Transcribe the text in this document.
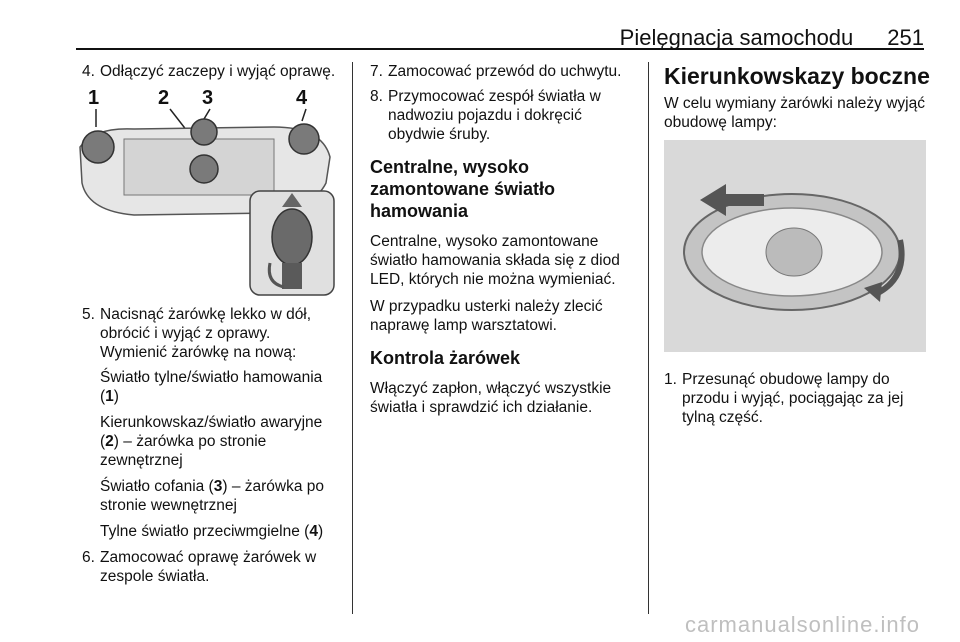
Pielęgnacja samochodu 251
4. Odłączyć zaczepy i wyjąć oprawę.
1	2 3	4
5. Nacisnąć żarówkę lekko w dół, obrócić i wyjąć z oprawy. Wymienić żarówkę na nową:
Światło tylne/światło hamowania (1)
Kierunkowskaz/światło awaryjne (2) – żarówka po stronie zewnętrznej
Światło cofania (3) – żarówka po stronie wewnętrznej
Tylne światło przeciwmgielne (4)
6. Zamocować oprawę żarówek w zespole światła.
7. Zamocować przewód do uchwytu.
8. Przymocować zespół światła w nadwoziu pojazdu i dokręcić obydwie śruby.
Centralne, wysoko zamontowane światło hamowania

Centralne, wysoko zamontowane światło hamowania składa się z diod LED, których nie można wymieniać.

W przypadku usterki należy zlecić naprawę lamp warsztatowi.

Kontrola żarówek

Włączyć zapłon, włączyć wszystkie światła i sprawdzić ich działanie.

Kierunkowskazy boczne

W celu wymiany żarówki należy wyjąć obudowę lampy:

1. Przesunąć obudowę lampy do przodu i wyjąć, pociągając za jej tylną część.
carmanualsonline.info
